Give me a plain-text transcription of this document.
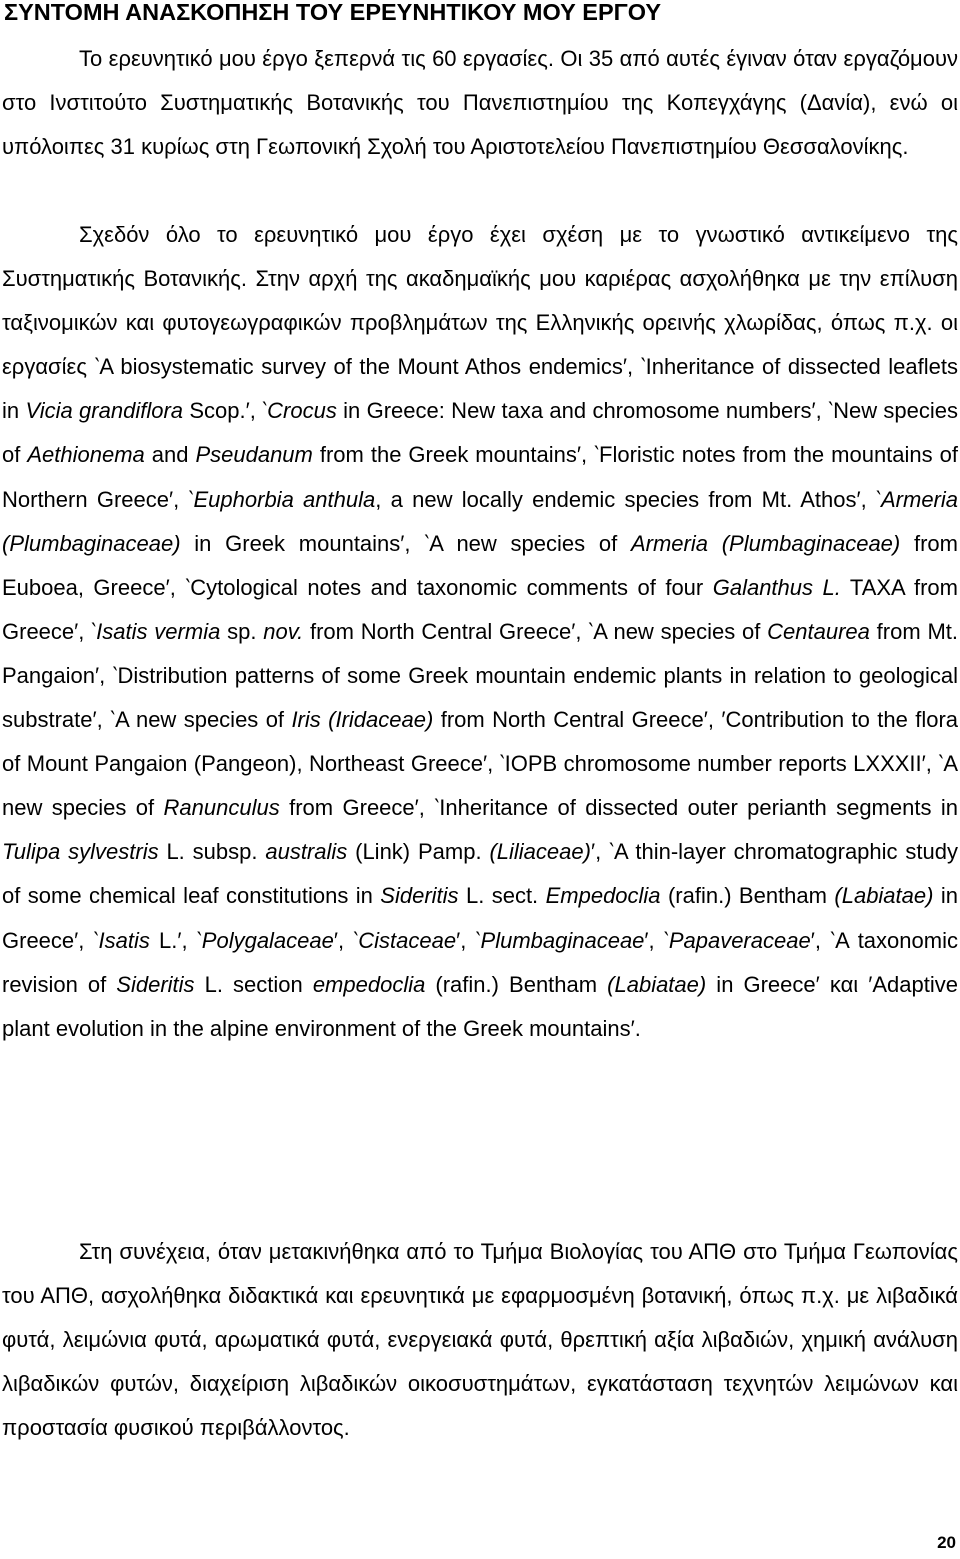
ΣΥΝΤΟΜΗ ΑΝΑΣΚΟΠΗΣΗ ΤΟΥ ΕΡΕΥΝΗΤΙΚΟΥ ΜΟΥ ΕΡΓΟΥ

Το ερευνητικό μου έργο ξεπερνά τις 60 εργασίες. Οι 35 από αυτές έγιναν όταν εργαζόμουν στο Ινστιτούτο Συστηματικής Βοτανικής του Πανεπιστημίου της Κοπεγχάγης (Δανία), ενώ οι υπόλοιπες 31 κυρίως στη Γεωπονική Σχολή του Αριστοτελείου Πανεπιστημίου Θεσσαλονίκης.

Σχεδόν όλο το ερευνητικό μου έργο έχει σχέση με το γνωστικό αντικείμενο της Συστηματικής Βοτανικής. Στην αρχή της ακαδημαϊκής μου καριέρας ασχολήθηκα με την επίλυση ταξινομικών και φυτογεωγραφικών προβλημάτων της Ελληνικής ορεινής χλωρίδας, όπως π.χ. οι εργασίες ‵A biosystematic survey of the Mount Athos endemics′, ‵Inheritance of dissected leaflets in Vicia grandiflora Scop.′, ‵Crocus in Greece: New taxa and chromosome numbers′, ‵New species of Aethionema and Pseudanum from the Greek mountains′, ‵Floristic notes from the mountains of Northern Greece′, ‵Euphorbia anthula, a new locally endemic species from Mt. Athos′, ‵Armeria (Plumbaginaceae) in Greek mountains′, ‵A new species of Armeria (Plumbaginaceae) from Euboea, Greece′, ‵Cytological notes and taxonomic comments of four Galanthus L. TAXA from Greece′, ‵Isatis vermia sp. nov. from North Central Greece′, ‵A new species of Centaurea from Mt. Pangaion′, ‵Distribution patterns of some Greek mountain endemic plants in relation to geological substrate′, ‵A new species of Iris (Iridaceae) from North Central Greece′, ′Contribution to the flora of Mount Pangaion (Pangeon), Northeast Greece′, ‵IOPB chromosome number reports LXXXII′, ‵A new species of Ranunculus from Greece′, ‵Inheritance of dissected outer perianth segments in Tulipa sylvestris L. subsp. australis (Link) Pamp. (Liliaceae)′, ‵A thin-layer chromatographic study of some chemical leaf constitutions in Sideritis L. sect. Empedoclia (rafin.) Bentham (Labiatae) in Greece′, ‵Isatis L.′, ‵Polygalaceae′, ‵Cistaceae′, ‵Plumbaginaceae′, ‵Papaveraceae′, ‵A taxonomic revision of Sideritis L. section empedoclia (rafin.) Bentham (Labiatae) in Greece′ και ′Adaptive plant evolution in the alpine environment of the Greek mountains′.

Στη συνέχεια, όταν μετακινήθηκα από το Τμήμα Βιολογίας του ΑΠΘ στο Τμήμα Γεωπονίας του ΑΠΘ, ασχολήθηκα διδακτικά και ερευνητικά με εφαρμοσμένη βοτανική, όπως π.χ. με λιβαδικά φυτά, λειμώνια φυτά, αρωματικά φυτά, ενεργειακά φυτά, θρεπτική αξία λιβαδιών, χημική ανάλυση λιβαδικών φυτών, διαχείριση λιβαδικών οικοσυστημάτων, εγκατάσταση τεχνητών λειμώνων και προστασία φυσικού περιβάλλοντος.

20
